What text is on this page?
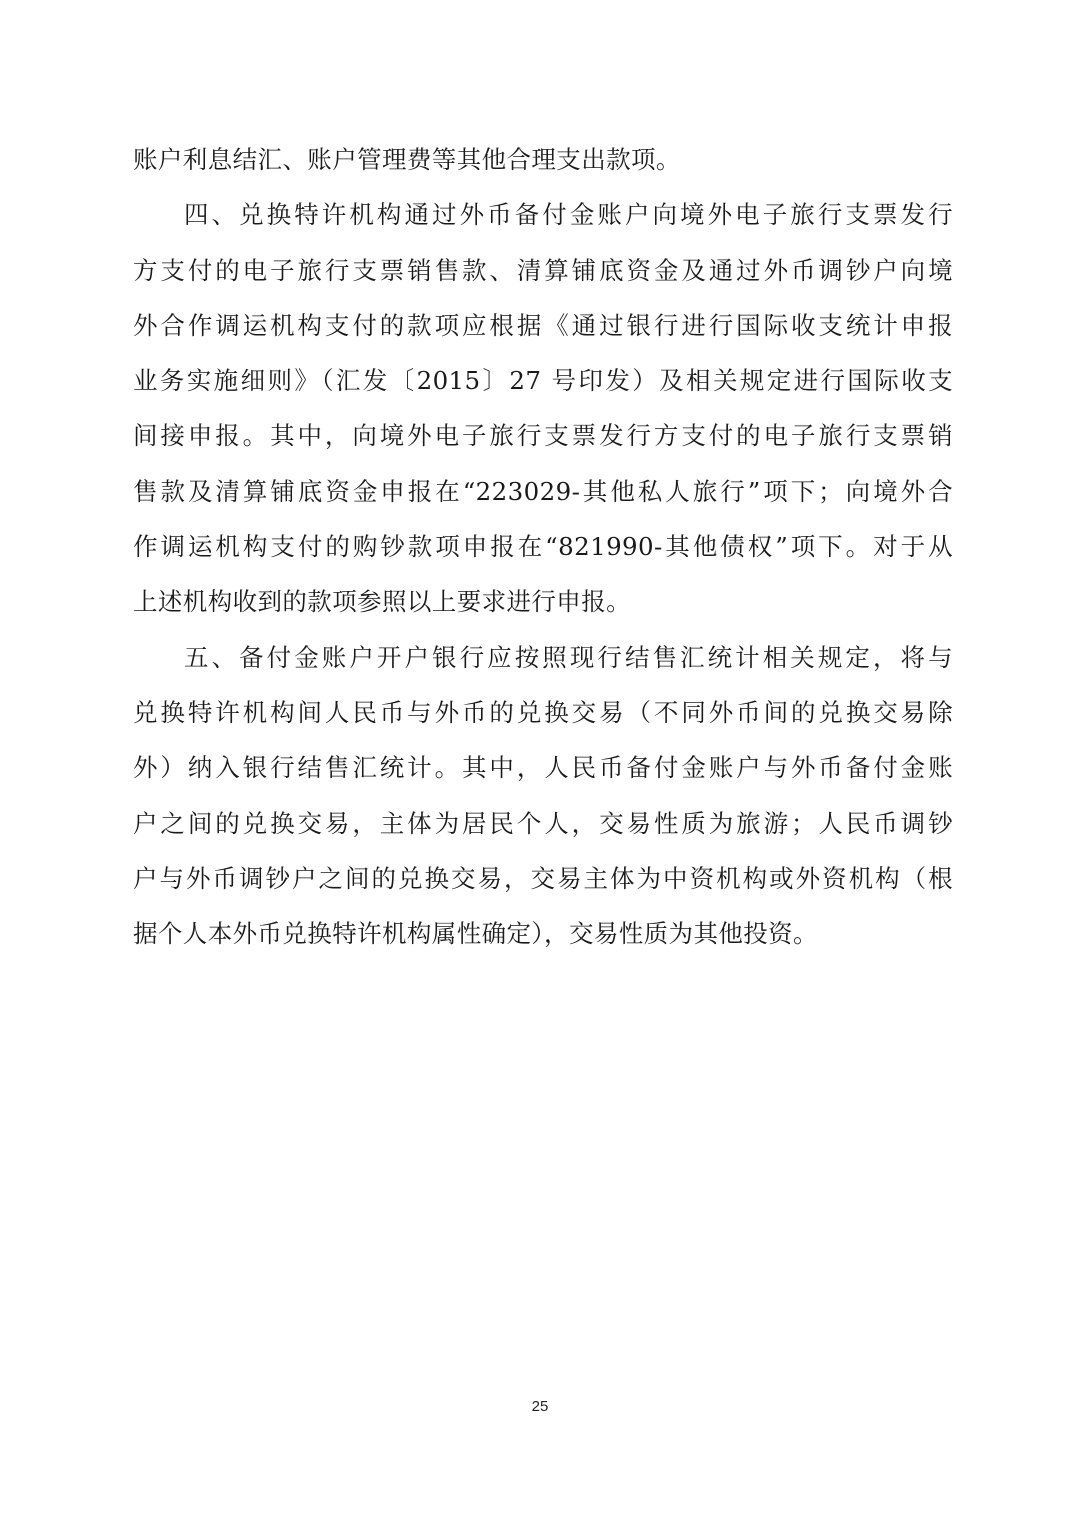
账户利息结汇、账户管理费等其他合理支出款项。
四、兑换特许机构通过外币备付金账户向境外电子旅行支票发行
方支付的电子旅行支票销售款、清算铺底资金及通过外币调钞户向境
外合作调运机构支付的款项应根据《通过银行进行国际收支统计申报
业务实施细则》（汇发〔2015〕27 号印发）及相关规定进行国际收支
间接申报。其中，向境外电子旅行支票发行方支付的电子旅行支票销
售款及清算铺底资金申报在“223029-其他私人旅行”项下；向境外合
作调运机构支付的购钞款项申报在“821990-其他债权”项下。对于从
上述机构收到的款项参照以上要求进行申报。
五、备付金账户开户银行应按照现行结售汇统计相关规定，将与
兑换特许机构间人民币与外币的兑换交易（不同外币间的兑换交易除
外）纳入银行结售汇统计。其中，人民币备付金账户与外币备付金账
户之间的兑换交易，主体为居民个人，交易性质为旅游；人民币调钞
户与外币调钞户之间的兑换交易，交易主体为中资机构或外资机构（根
据个人本外币兑换特许机构属性确定），交易性质为其他投资。
25
